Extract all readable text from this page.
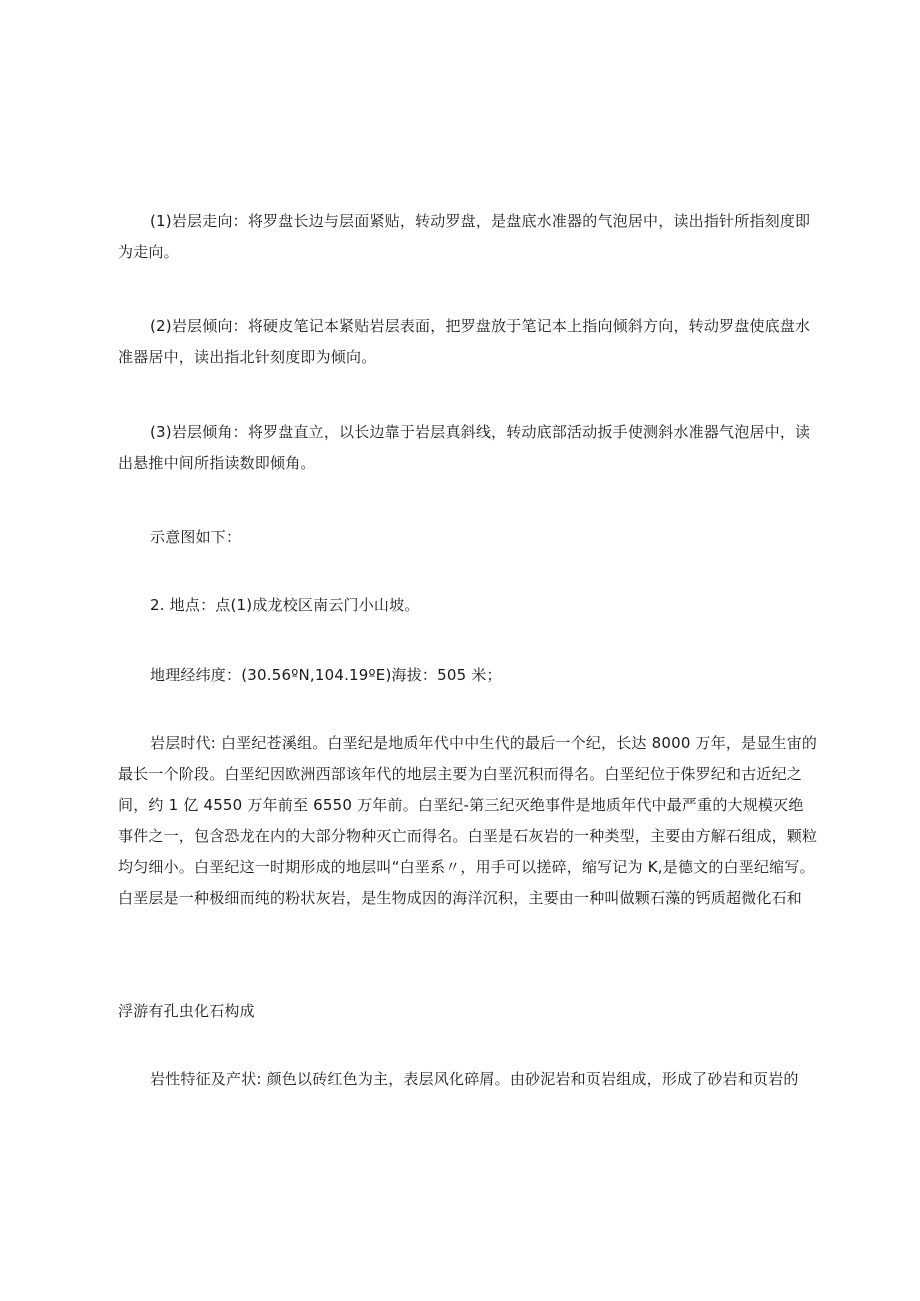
(1)岩层走向：将罗盘长边与层面紧贴，转动罗盘，是盘底水准器的气泡居中，读出指针所指刻度即为走向。

(2)岩层倾向：将硬皮笔记本紧贴岩层表面，把罗盘放于笔记本上指向倾斜方向，转动罗盘使底盘水准器居中，读出指北针刻度即为倾向。

(3)岩层倾角：将罗盘直立，以长边靠于岩层真斜线，转动底部活动扳手使测斜水准器气泡居中，读出悬推中间所指读数即倾角。

示意图如下：

2. 地点：点(1)成龙校区南云门小山坡。

地理经纬度：(30.56ºN,104.19ºE)海拔：505 米；

岩层时代: 白垩纪苍溪组。白垩纪是地质年代中中生代的最后一个纪，长达 8000 万年，是显生宙的最长一个阶段。白垩纪因欧洲西部该年代的地层主要为白垩沉积而得名。白垩纪位于侏罗纪和古近纪之间，约 1 亿 4550 万年前至 6550 万年前。白垩纪-第三纪灭绝事件是地质年代中最严重的大规模灭绝事件之一，包含恐龙在内的大部分物种灭亡而得名。白垩是石灰岩的一种类型，主要由方解石组成，颗粒均匀细小。白垩纪这一时期形成的地层叫“白垩系〃，用手可以搓碎，缩写记为 K,是德文的白垩纪缩写。白垩层是一种极细而纯的粉状灰岩，是生物成因的海洋沉积，主要由一种叫做颗石藻的钙质超微化石和

浮游有孔虫化石构成

岩性特征及产状: 颜色以砖红色为主，表层风化碎屑。由砂泥岩和页岩组成，形成了砂岩和页岩的
